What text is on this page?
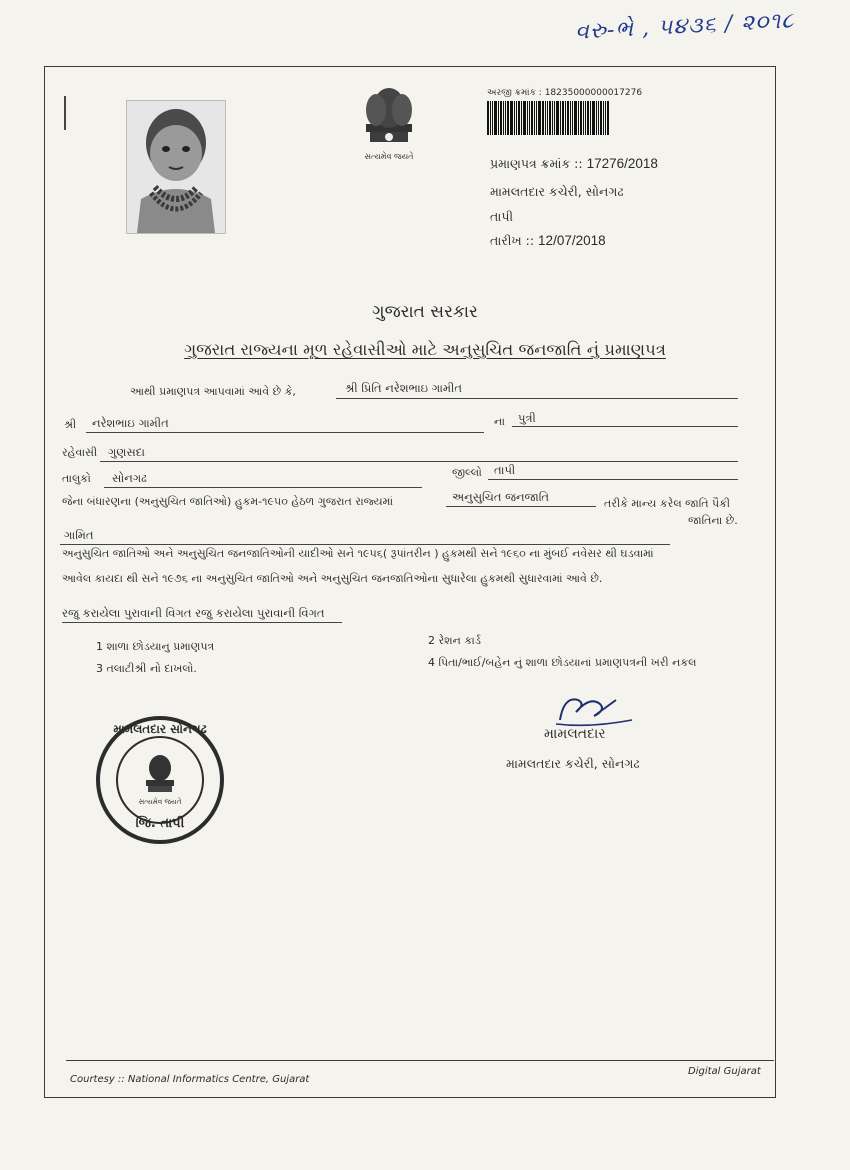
વરુ-ભે , ૫૪૩૬ / ૨૦૧૮
સત્યમેવ જયતે
અરજી ક્રમાંક : 18235000000017276
પ્રમાણપત્ર ક્રમાંક :: 17276/2018
મામલતદાર કચેરી, સોનગઢ
તાપી
તારીખ :: 12/07/2018
ગુજરાત સરકાર
ગુજરાત રાજ્યના મૂળ રહેવાસીઓ માટે અનુસુચિત જનજાતિ નું પ્રમાણપત્ર
આથી પ્રમાણપત્ર આપવામાં આવે છે કે,	શ્રી પ્રિતિ નરેશભાઇ ગામીત
શ્રી નરેશભાઇ ગામીત	ના પુત્રી
રહેવાસી ગુણસદા
તાલુકો સોનગઢ	જીલ્લો તાપી
જેના બંધારણના (અનુસુચિત જાતિઓ) હુકમ-૧૯૫૦ હેઠળ ગુજરાત રાજ્યમાં	અનુસુચિત જનજાતિ	તરીકે માન્ય કરેલ જાતિ પૈકી
ગામિત
જાતિના છે.
અનુસુચિત જાતિઓ અને અનુસુચિત જનજાતિઓની યાદીઓ સને ૧૯૫૬( રૂપાંતરીન ) હુકમથી સને ૧૯૬૦ ના મુંબઈ નવેસર થી ઘડવામાં
આવેલ કાયદા થી સને ૧૯૭૬ ના અનુસુચિત જાતિઓ અને અનુસુચિત જનજાતિઓના સુધારેલા હુકમથી સુધારવામાં આવે છે.
રજુ કરાયેલા પુરાવાની વિગત રજુ કરાયેલા પુરાવાની વિગત
1 શાળા છોડયાનુ પ્રમાણપત્ર	2 રેશન કાર્ડ
3 તલાટીશ્રી નો દાખલો.	4 પિતા/ભાઈ/બહેન નું શાળા છોડયાનાં પ્રમાણપત્રની ખરી નકલ
મામલતદાર
મામલતદાર કચેરી, સોનગઢ
મામલતદાર સોનગઢ
સત્યમેવ જયતે
જિ. તાપી
Courtesy :: National Informatics Centre, Gujarat
Digital Gujarat
